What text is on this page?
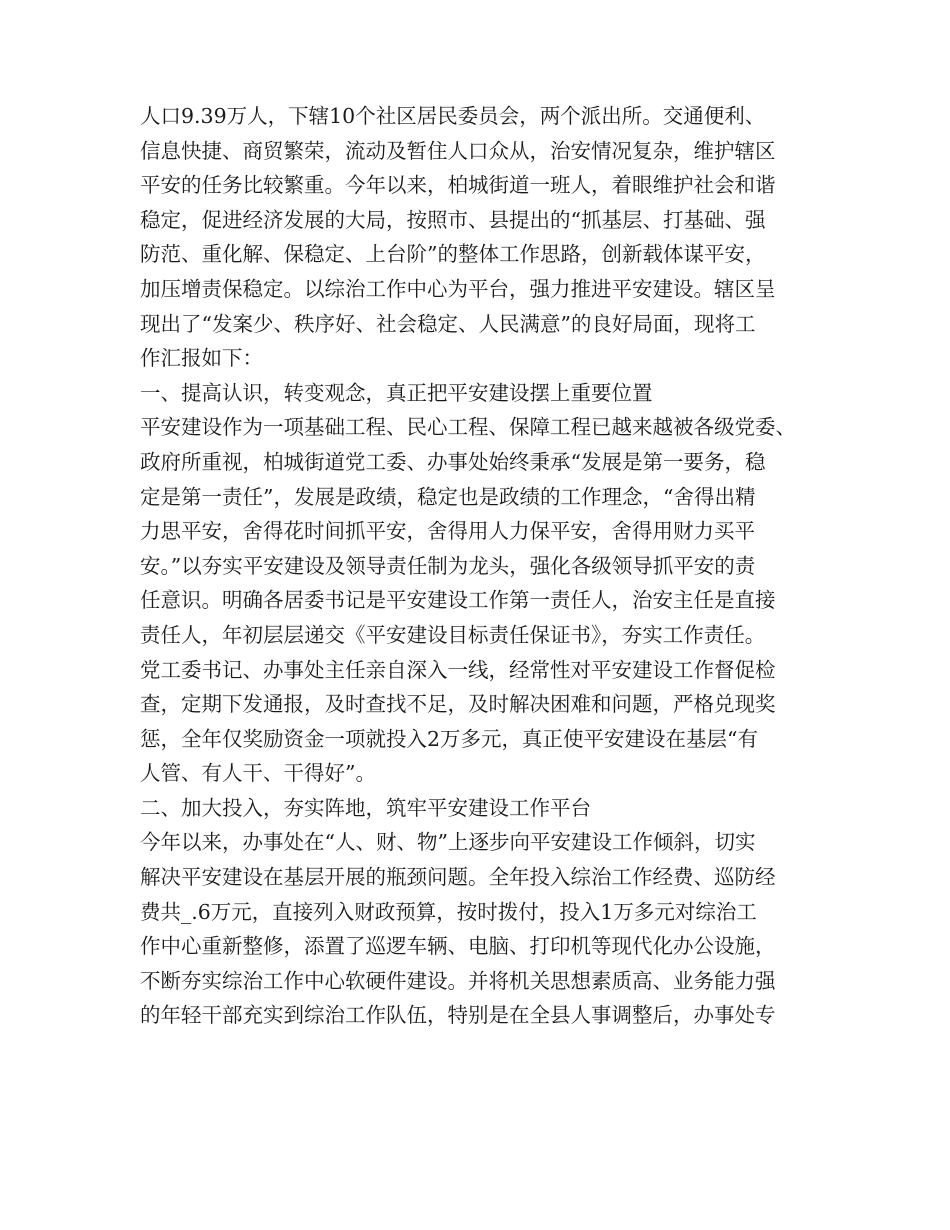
人口9.39万人，下辖10个社区居民委员会，两个派出所。交通便利、
信息快捷、商贸繁荣，流动及暂住人口众从，治安情况复杂，维护辖区
平安的任务比较繁重。今年以来，柏城街道一班人，着眼维护社会和谐
稳定，促进经济发展的大局，按照市、县提出的“抓基层、打基础、强
防范、重化解、保稳定、上台阶”的整体工作思路，创新载体谋平安，
加压增责保稳定。以综治工作中心为平台，强力推进平安建设。辖区呈
现出了“发案少、秩序好、社会稳定、人民满意”的良好局面，现将工
作汇报如下：
一、提高认识，转变观念，真正把平安建设摆上重要位置
平安建设作为一项基础工程、民心工程、保障工程已越来越被各级党委、
政府所重视，柏城街道党工委、办事处始终秉承“发展是第一要务，稳
定是第一责任”，发展是政绩，稳定也是政绩的工作理念，“舍得出精
力思平安，舍得花时间抓平安，舍得用人力保平安，舍得用财力买平
安。”以夯实平安建设及领导责任制为龙头，强化各级领导抓平安的责
任意识。明确各居委书记是平安建设工作第一责任人，治安主任是直接
责任人，年初层层递交《平安建设目标责任保证书》，夯实工作责任。
党工委书记、办事处主任亲自深入一线，经常性对平安建设工作督促检
查，定期下发通报，及时查找不足，及时解决困难和问题，严格兑现奖
惩，全年仅奖励资金一项就投入2万多元，真正使平安建设在基层“有
人管、有人干、干得好”。
二、加大投入，夯实阵地，筑牢平安建设工作平台
今年以来，办事处在“人、财、物”上逐步向平安建设工作倾斜，切实
解决平安建设在基层开展的瓶颈问题。全年投入综治工作经费、巡防经
费共_.6万元，直接列入财政预算，按时拨付，投入1万多元对综治工
作中心重新整修，添置了巡逻车辆、电脑、打印机等现代化办公设施，
不断夯实综治工作中心软硬件建设。并将机关思想素质高、业务能力强
的年轻干部充实到综治工作队伍，特别是在全县人事调整后，办事处专
